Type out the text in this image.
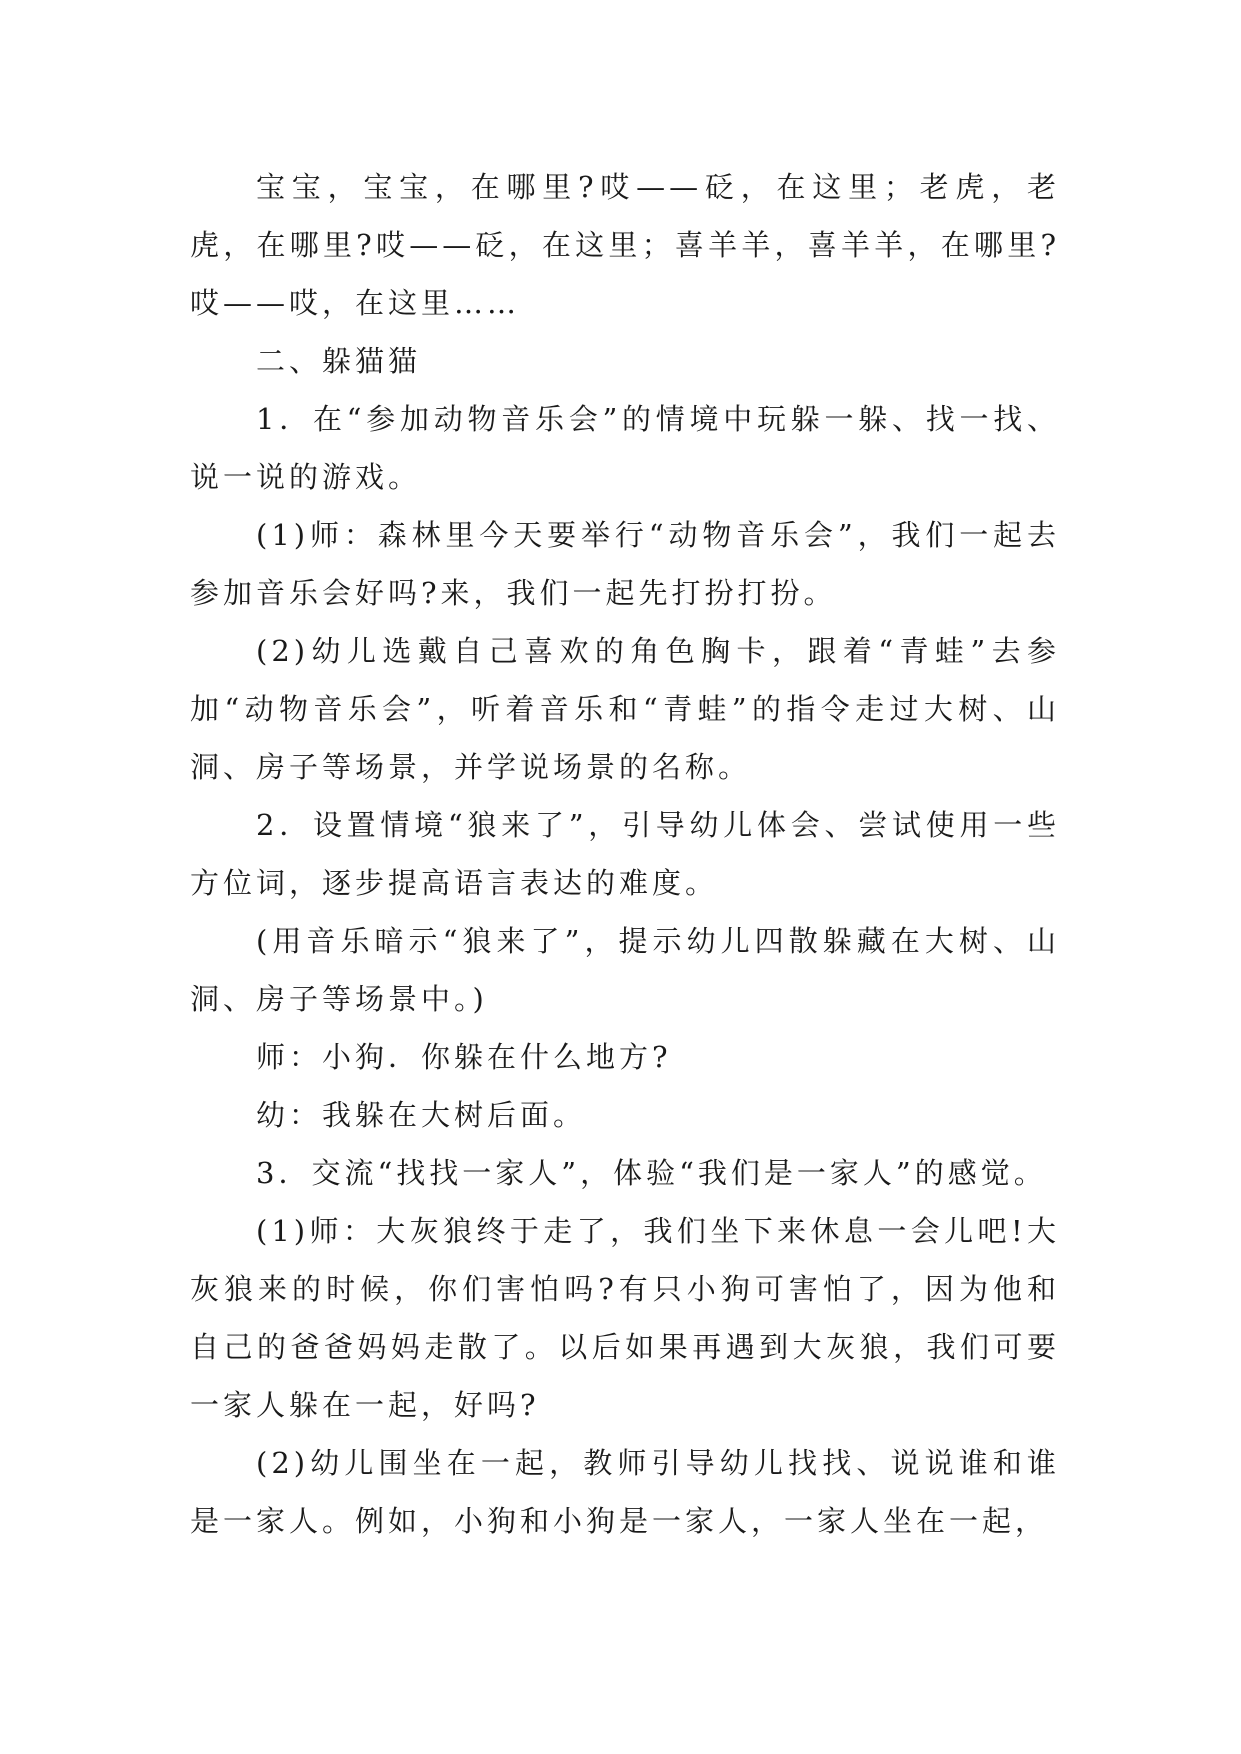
宝宝，宝宝，在哪里?哎——砭，在这里；老虎，老虎，在哪里?哎——砭，在这里；喜羊羊，喜羊羊，在哪里?哎——哎，在这里……

二、躲猫猫

1．在“参加动物音乐会”的情境中玩躲一躲、找一找、说一说的游戏。

(1)师：森林里今天要举行“动物音乐会”，我们一起去参加音乐会好吗?来，我们一起先打扮打扮。

(2)幼儿选戴自己喜欢的角色胸卡，跟着“青蛙”去参加“动物音乐会”，听着音乐和“青蛙”的指令走过大树、山洞、房子等场景，并学说场景的名称。

2．设置情境“狼来了”，引导幼儿体会、尝试使用一些方位词，逐步提高语言表达的难度。

(用音乐暗示“狼来了”，提示幼儿四散躲藏在大树、山洞、房子等场景中。)

师：小狗．你躲在什么地方?

幼：我躲在大树后面。

3．交流“找找一家人”，体验“我们是一家人”的感觉。

(1)师：大灰狼终于走了，我们坐下来休息一会儿吧!大灰狼来的时候，你们害怕吗?有只小狗可害怕了，因为他和自己的爸爸妈妈走散了。以后如果再遇到大灰狼，我们可要一家人躲在一起，好吗?

(2)幼儿围坐在一起，教师引导幼儿找找、说说谁和谁是一家人。例如，小狗和小狗是一家人，一家人坐在一起，
